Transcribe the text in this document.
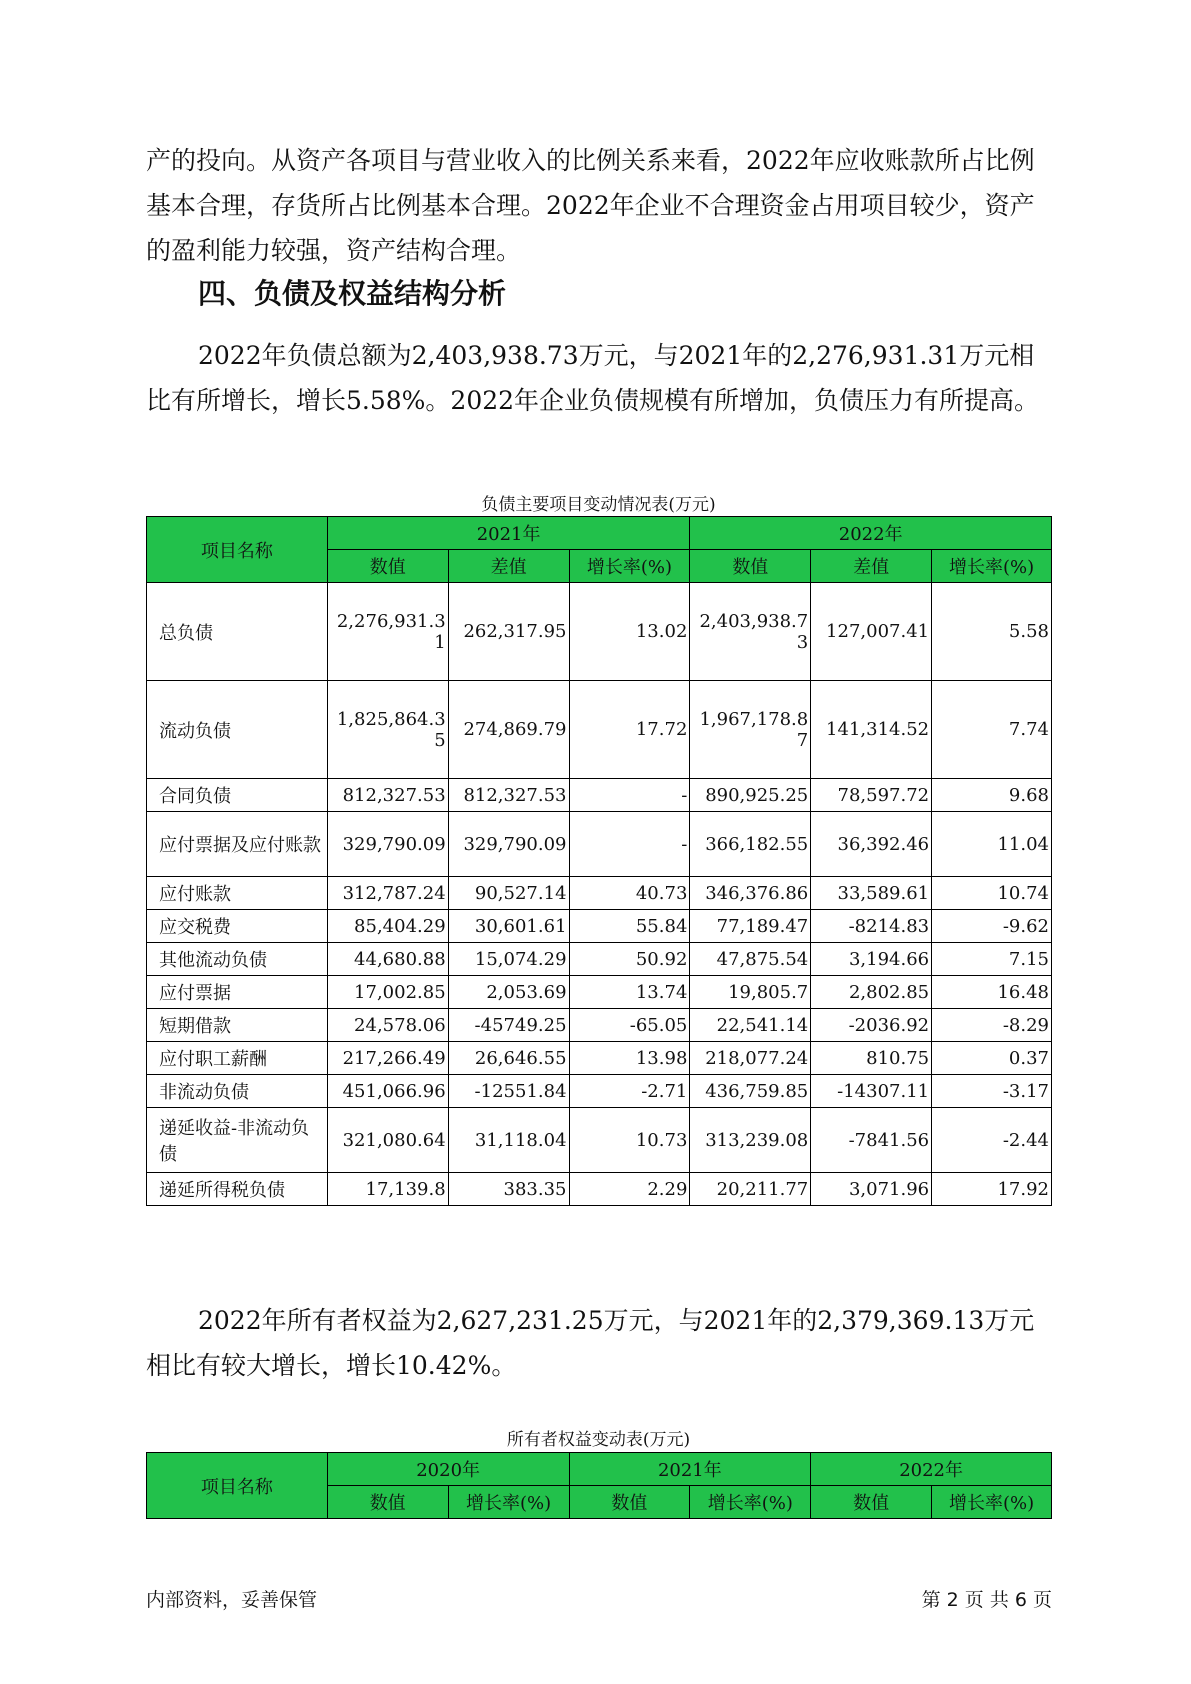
产的投向。从资产各项目与营业收入的比例关系来看，2022年应收账款所占比例基本合理，存货所占比例基本合理。2022年企业不合理资金占用项目较少，资产的盈利能力较强，资产结构合理。

四、负债及权益结构分析

2022年负债总额为2,403,938.73万元，与2021年的2,276,931.31万元相比有所增长，增长5.58%。2022年企业负债规模有所增加，负债压力有所提高。

负债主要项目变动情况表(万元)

项目名称	2021年			2022年		
	数值	差值	增长率(%)	数值	差值	增长率(%)
总负债	2,276,931.31	262,317.95	13.02	2,403,938.73	127,007.41	5.58
流动负债	1,825,864.35	274,869.79	17.72	1,967,178.87	141,314.52	7.74
合同负债	812,327.53	812,327.53	-	890,925.25	78,597.72	9.68
应付票据及应付账款	329,790.09	329,790.09	-	366,182.55	36,392.46	11.04
应付账款	312,787.24	90,527.14	40.73	346,376.86	33,589.61	10.74
应交税费	85,404.29	30,601.61	55.84	77,189.47	-8214.83	-9.62
其他流动负债	44,680.88	15,074.29	50.92	47,875.54	3,194.66	7.15
应付票据	17,002.85	2,053.69	13.74	19,805.7	2,802.85	16.48
短期借款	24,578.06	-45749.25	-65.05	22,541.14	-2036.92	-8.29
应付职工薪酬	217,266.49	26,646.55	13.98	218,077.24	810.75	0.37
非流动负债	451,066.96	-12551.84	-2.71	436,759.85	-14307.11	-3.17
递延收益-非流动负债	321,080.64	31,118.04	10.73	313,239.08	-7841.56	-2.44
递延所得税负债	17,139.8	383.35	2.29	20,211.77	3,071.96	17.92

2022年所有者权益为2,627,231.25万元，与2021年的2,379,369.13万元相比有较大增长，增长10.42%。

所有者权益变动表(万元)

项目名称	2020年		2021年		2022年	
	数值	增长率(%)	数值	增长率(%)	数值	增长率(%)
内部资料，妥善保管	第 2 页 共 6 页
